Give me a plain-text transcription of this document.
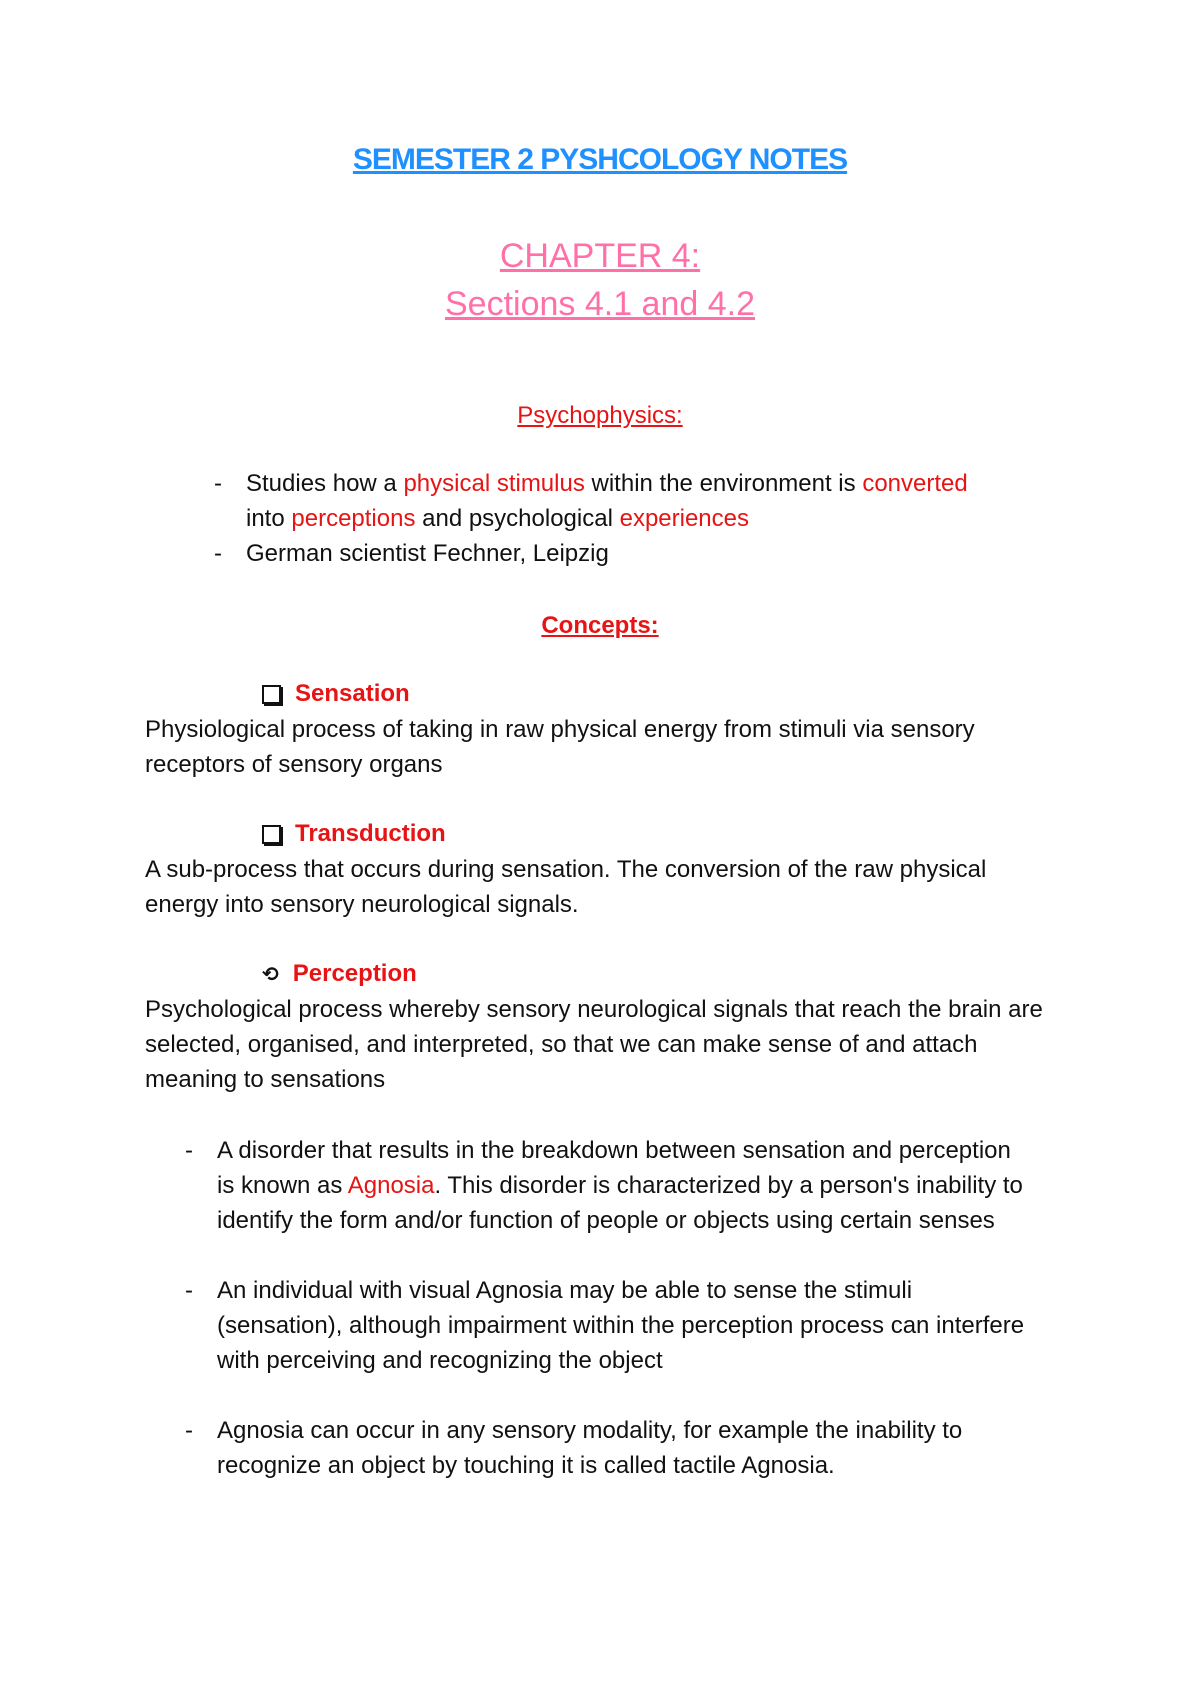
SEMESTER 2 PYSHCOLOGY NOTES
CHAPTER 4:
Sections 4.1 and 4.2
Psychophysics:
- Studies how a physical stimulus within the environment is converted
into perceptions and psychological experiences
- German scientist Fechner, Leipzig
Concepts:
Sensation
Physiological process of taking in raw physical energy from stimuli via sensory receptors of sensory organs
Transduction
A sub-process that occurs during sensation. The conversion of the raw physical energy into sensory neurological signals.
⟲ Perception
Psychological process whereby sensory neurological signals that reach the brain are selected, organised, and interpreted, so that we can make sense of and attach meaning to sensations
- A disorder that results in the breakdown between sensation and perception is known as Agnosia. This disorder is characterized by a person's inability to identify the form and/or function of people or objects using certain senses
- An individual with visual Agnosia may be able to sense the stimuli (sensation), although impairment within the perception process can interfere with perceiving and recognizing the object
- Agnosia can occur in any sensory modality, for example the inability to recognize an object by touching it is called tactile Agnosia.
